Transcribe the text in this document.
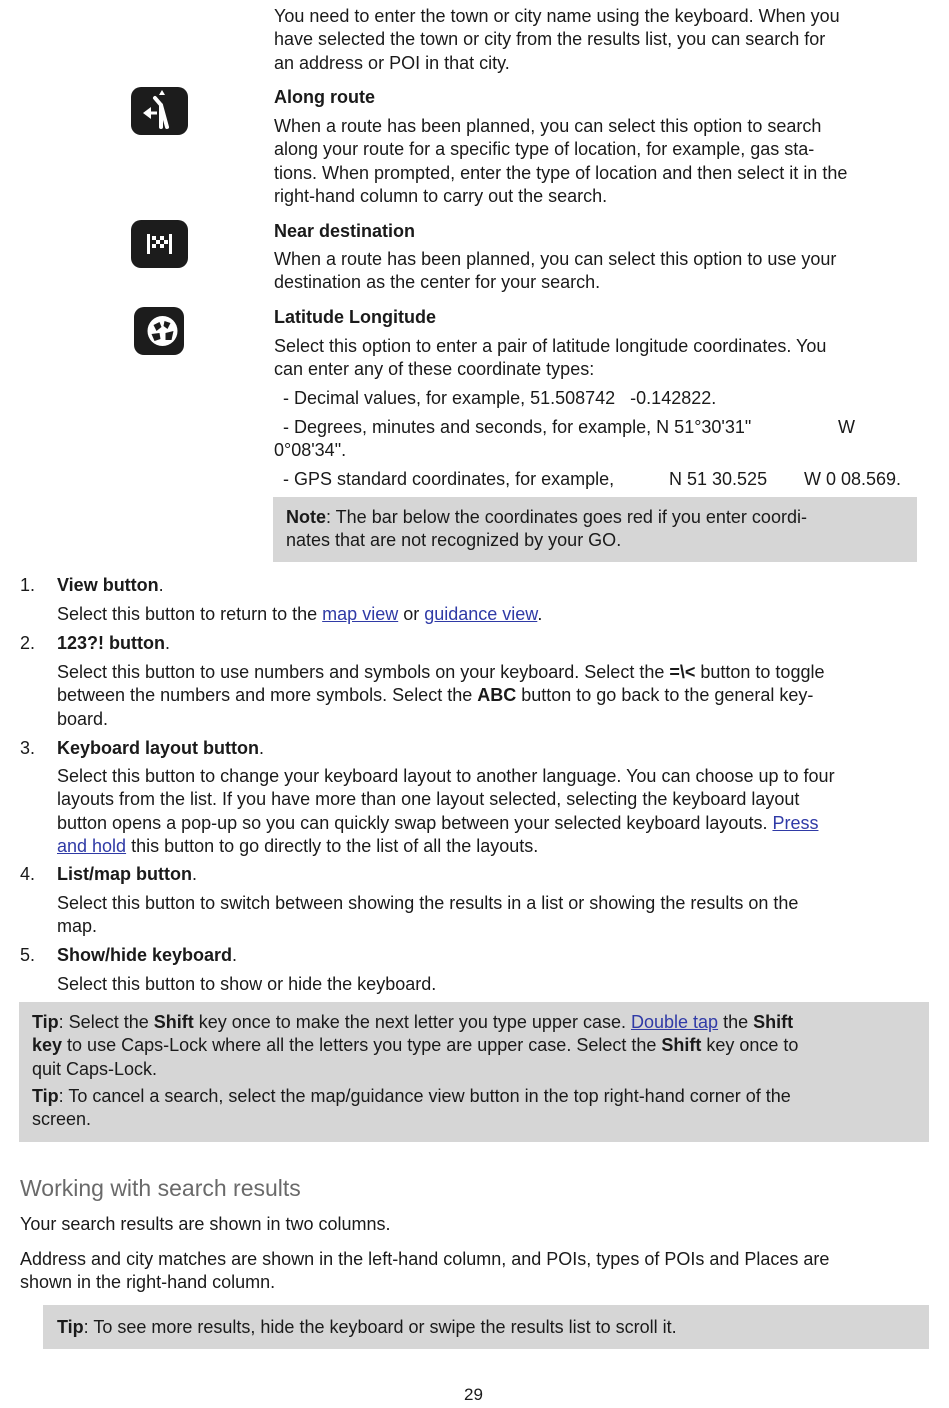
You need to enter the town or city name using the keyboard. When you
have selected the town or city from the results list, you can search for
an address or POI in that city.
Along route
When a route has been planned, you can select this option to search
along your route for a specific type of location, for example, gas sta-
tions. When prompted, enter the type of location and then select it in the
right-hand column to carry out the search.
Near destination
When a route has been planned, you can select this option to use your
destination as the center for your search.
Latitude Longitude
Select this option to enter a pair of latitude longitude coordinates. You
can enter any of these coordinate types:
- Decimal values, for example, 51.508742   -0.142822.
- Degrees, minutes and seconds, for example, N 51°30'31"	W
0°08'34".
- GPS standard coordinates, for example,	N 51 30.525 W 0 08.569.
Note: The bar below the coordinates goes red if you enter coordi-
nates that are not recognized by your GO.
1. View button.
Select this button to return to the map view or guidance view.
2. 123?! button.
Select this button to use numbers and symbols on your keyboard. Select the =\< button to toggle
between the numbers and more symbols. Select the ABC button to go back to the general key-
board.
3. Keyboard layout button.
Select this button to change your keyboard layout to another language. You can choose up to four
layouts from the list. If you have more than one layout selected, selecting the keyboard layout
button opens a pop-up so you can quickly swap between your selected keyboard layouts. Press
and hold this button to go directly to the list of all the layouts.
4. List/map button.
Select this button to switch between showing the results in a list or showing the results on the
map.
5. Show/hide keyboard.
Select this button to show or hide the keyboard.
Tip: Select the Shift key once to make the next letter you type upper case. Double tap the Shift
key to use Caps-Lock where all the letters you type are upper case. Select the Shift key once to
quit Caps-Lock.
Tip: To cancel a search, select the map/guidance view button in the top right-hand corner of the
screen.
Working with search results
Your search results are shown in two columns.
Address and city matches are shown in the left-hand column, and POIs, types of POIs and Places are
shown in the right-hand column.
Tip: To see more results, hide the keyboard or swipe the results list to scroll it.
29
